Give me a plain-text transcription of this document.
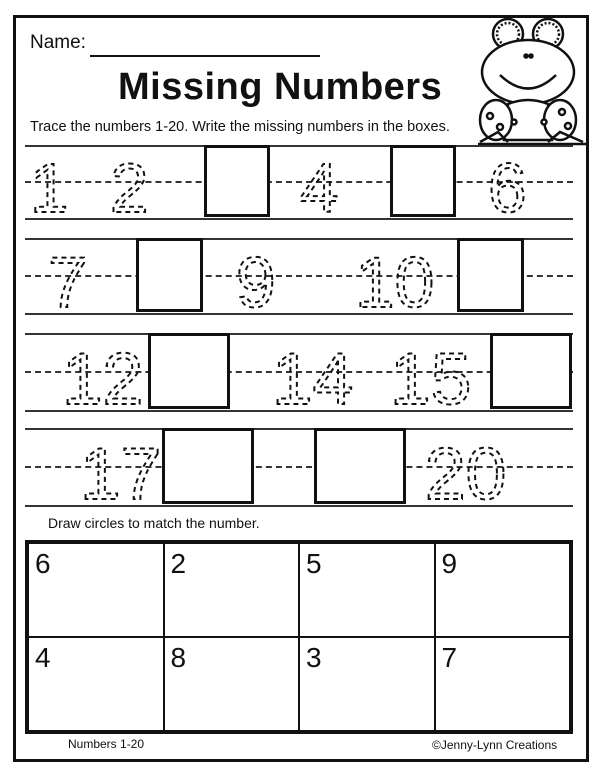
Name:
Missing Numbers
Trace the numbers 1-20. Write the missing numbers in the boxes.
1 2 4 6
7 9 10
12 14 15
17	20
Draw circles to match the number.
6	2	5	9
4	8	3	7
Numbers 1-20	©Jenny-Lynn Creations
